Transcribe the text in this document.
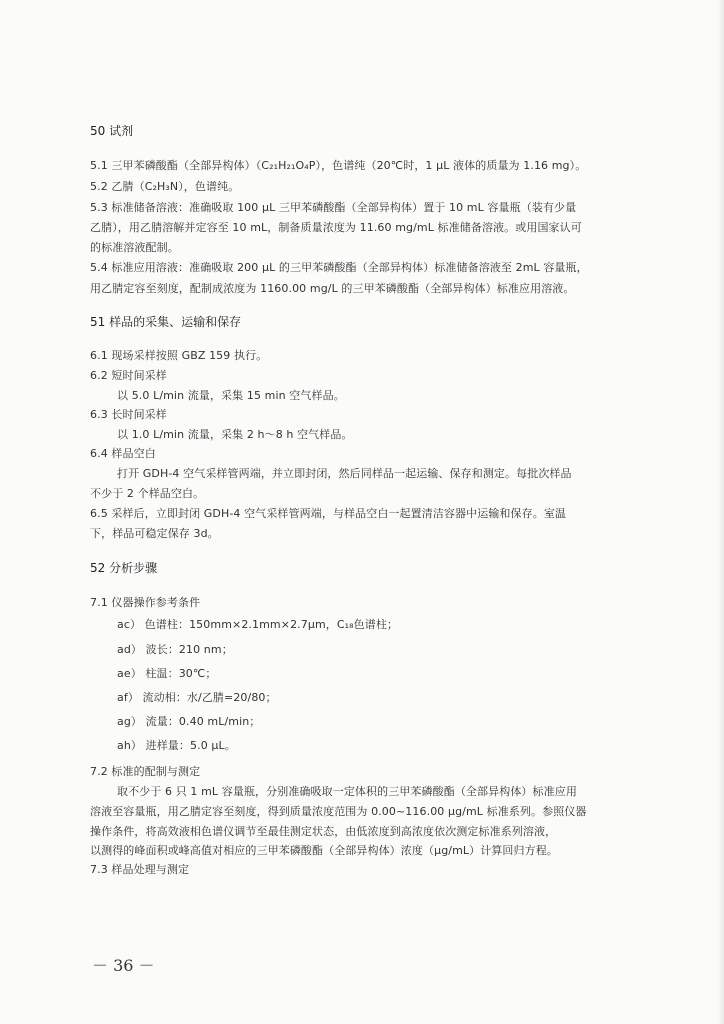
50 试剂
5.1 三甲苯磷酸酯（全部异构体）（C₂₁H₂₁O₄P），色谱纯（20℃时，1 μL 液体的质量为 1.16 mg）。
5.2 乙腈（C₂H₃N），色谱纯。
5.3 标准储备溶液：准确吸取 100 μL 三甲苯磷酸酯（全部异构体）置于 10 mL 容量瓶（装有少量
乙腈），用乙腈溶解并定容至 10 mL，制备质量浓度为 11.60 mg/mL 标准储备溶液。或用国家认可
的标准溶液配制。
5.4 标准应用溶液：准确吸取 200 μL 的三甲苯磷酸酯（全部异构体）标准储备溶液至 2mL 容量瓶，
用乙腈定容至刻度，配制成浓度为 1160.00 mg/L 的三甲苯磷酸酯（全部异构体）标准应用溶液。
51 样品的采集、运输和保存
6.1 现场采样按照 GBZ 159 执行。
6.2 短时间采样
以 5.0 L/min 流量，采集 15 min 空气样品。
6.3 长时间采样
以 1.0 L/min 流量，采集 2 h～8 h 空气样品。
6.4 样品空白
打开 GDH-4 空气采样管两端，并立即封闭，然后同样品一起运输、保存和测定。每批次样品
不少于 2 个样品空白。
6.5 采样后，立即封闭 GDH-4 空气采样管两端，与样品空白一起置清洁容器中运输和保存。室温
下，样品可稳定保存 3d。
52 分析步骤
7.1 仪器操作参考条件
ac） 色谱柱：150mm×2.1mm×2.7μm，C₁₈色谱柱；
ad） 波长：210 nm；
ae） 柱温：30℃；
af） 流动相：水/乙腈=20/80；
ag） 流量：0.40 mL/min；
ah） 进样量：5.0 μL。
7.2 标准的配制与测定
取不少于 6 只 1 mL 容量瓶，分别准确吸取一定体积的三甲苯磷酸酯（全部异构体）标准应用
溶液至容量瓶，用乙腈定容至刻度，得到质量浓度范围为 0.00~116.00 μg/mL 标准系列。参照仪器
操作条件，将高效液相色谱仪调节至最佳测定状态，由低浓度到高浓度依次测定标准系列溶液，
以测得的峰面积或峰高值对相应的三甲苯磷酸酯（全部异构体）浓度（μg/mL）计算回归方程。
7.3 样品处理与测定
－ 36 －
